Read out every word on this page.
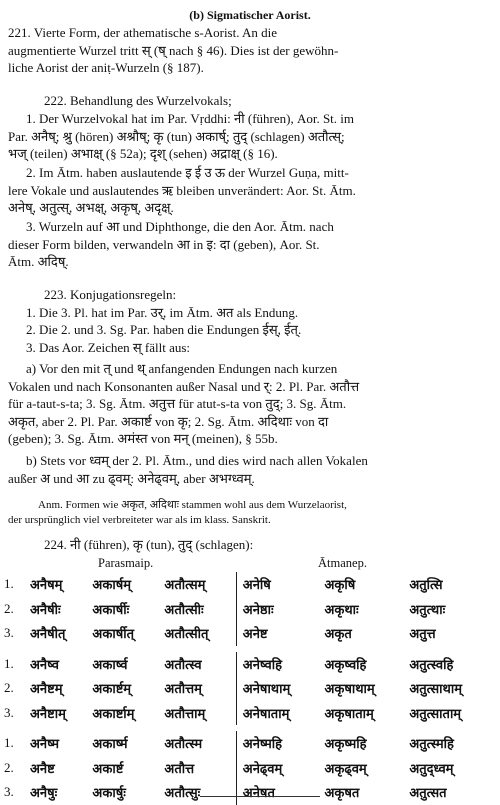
(b) Sigmatischer Aorist.
221. Vierte Form, der athematische s-Aorist. An die
augmentierte Wurzel tritt स् (ष् nach § 46). Dies ist der gewöhn-
liche Aorist der aniṭ-Wurzeln (§ 187).
222. Behandlung des Wurzelvokals;
1. Der Wurzelvokal hat im Par. Vṛddhi: नी (führen), Aor. St. im
Par. अनैष्; श्रु (hören) अश्रौष्; कृ (tun) अकार्ष्; तुद् (schlagen) अतौत्स्;
भज् (teilen) अभाक्ष् (§ 52a); दृश् (sehen) अद्राक्ष् (§ 16).
2. Im Ātm. haben auslautende इ ई उ ऊ der Wurzel Guṇa, mitt-
lere Vokale und auslautendes ऋ bleiben unverändert: Aor. St. Ātm.
अनेष्, अतुत्स्, अभक्ष्, अकृष्, अदृक्ष्.
3. Wurzeln auf आ und Diphthonge, die den Aor. Ātm. nach
dieser Form bilden, verwandeln आ in इ: दा (geben), Aor. St.
Ātm. अदिष्.
223. Konjugationsregeln:
1. Die 3. Pl. hat im Par. उर्, im Ātm. अत als Endung.
2. Die 2. und 3. Sg. Par. haben die Endungen ईस्, ईत्.
3. Das Aor. Zeichen स् fällt aus:
a) Vor den mit त् und थ् anfangenden Endungen nach kurzen
Vokalen und nach Konsonanten außer Nasal und र्: 2. Pl. Par. अतौत्त
für a-taut-s-ta; 3. Sg. Ātm. अतुत्त für atut-s-ta von तुद्; 3. Sg. Ātm.
अकृत, aber 2. Pl. Par. अकार्ष्ट von कृ; 2. Sg. Ātm. अदिथाः von दा
(geben); 3. Sg. Ātm. अमंस्त von मन् (meinen), § 55b.
b) Stets vor ध्वम् der 2. Pl. Ātm., und dies wird nach allen Vokalen
außer अ und आ zu ढ्वम्: अनेढ्वम्, aber अभग्ध्वम्.
Anm. Formen wie अकृत, अदिथाः stammen wohl aus dem Wurzelaorist,
der ursprünglich viel verbreiteter war als im klass. Sanskrit.
224. नी (führen), कृ (tun), तुद् (schlagen):
Parasmaip.	Ātmanep.
1.	अनैषम्	अकार्षम्	अतौत्सम्		अनेषि	अकृषि	अतुत्सि
2.	अनैषीः	अकार्षीः	अतौत्सीः		अनेष्ठाः	अकृथाः	अतुत्थाः
3.	अनैषीत्	अकार्षीत्	अतौत्सीत्		अनेष्ट	अकृत	अतुत्त

1.	अनैष्व	अकार्ष्व	अतौत्स्व		अनेष्वहि	अकृष्वहि	अतुत्स्वहि
2.	अनैष्टम्	अकार्ष्टम्	अतौत्तम्		अनेषाथाम्	अकृषाथाम्	अतुत्साथाम्
3.	अनैष्टाम्	अकार्ष्टाम्	अतौत्ताम्		अनेषाताम्	अकृषाताम्	अतुत्साताम्

1.	अनैष्म	अकार्ष्म	अतौत्स्म		अनेष्महि	अकृष्महि	अतुत्स्महि
2.	अनैष्ट	अकार्ष्ट	अतौत्त		अनेढ्वम्	अकृढ्वम्	अतुद्ध्वम्
3.	अनैषुः	अकार्षुः	अतौत्सुः		अनेषत	अकृषत	अतुत्सत
